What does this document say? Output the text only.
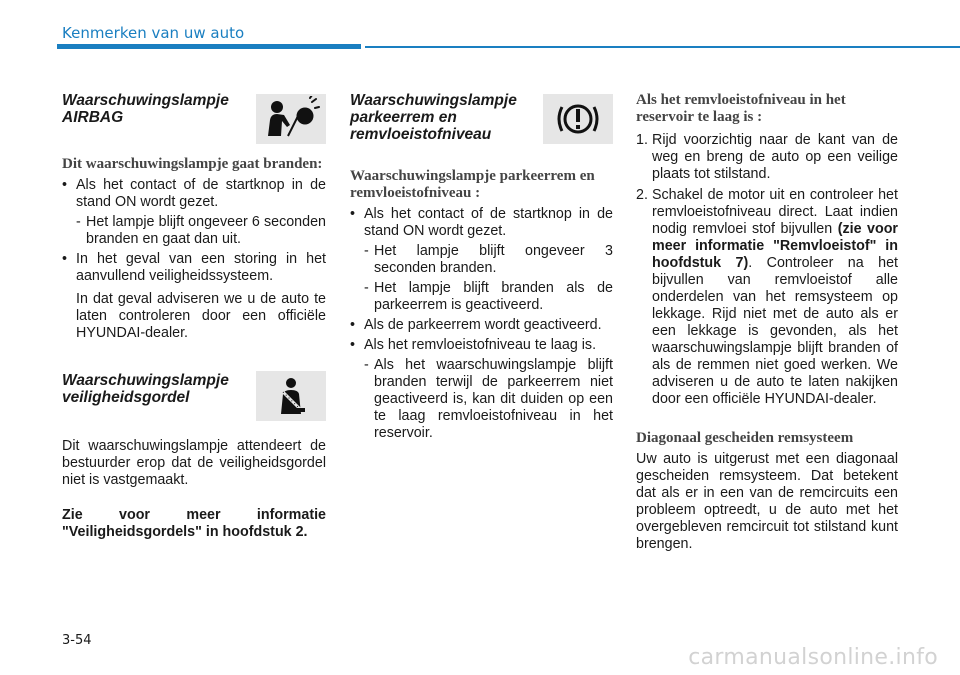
Kenmerken van uw auto
Waarschuwingslampje AIRBAG

Dit waarschuwingslampje gaat branden:

• Als het contact of de startknop in de stand ON wordt gezet.

- Het lampje blijft ongeveer 6 seconden branden en gaat dan uit.

• In het geval van een storing in het aanvullend veiligheidssysteem.

In dat geval adviseren we u de auto te laten controleren door een officiële HYUNDAI-dealer.

Waarschuwingslampje veiligheidsgordel

Dit waarschuwingslampje attendeert de bestuurder erop dat de veiligheidsgordel niet is vastgemaakt.

Zie voor meer informatie "Veiligheidsgordels" in hoofdstuk 2.

Waarschuwingslampje parkeerrem en remvloeistofniveau

Waarschuwingslampje parkeerrem en remvloeistofniveau :

• Als het contact of de startknop in de stand ON wordt gezet.

- Het lampje blijft ongeveer 3 seconden branden.

- Het lampje blijft branden als de parkeerrem is geactiveerd.

• Als de parkeerrem wordt geactiveerd.

• Als het remvloeistofniveau te laag is.

- Als het waarschuwingslampje blijft branden terwijl de parkeerrem niet geactiveerd is, kan dit duiden op een te laag remvloeistofniveau in het reservoir.

Als het remvloeistofniveau in het reservoir te laag is :

1. Rijd voorzichtig naar de kant van de weg en breng de auto op een veilige plaats tot stilstand.

2. Schakel de motor uit en controleer het remvloeistofniveau direct. Laat indien nodig remvloei stof bijvullen (zie voor meer informatie "Remvloeistof" in hoofdstuk 7). Controleer na het bijvullen van remvloeistof alle onderdelen van het remsysteem op lekkage. Rijd niet met de auto als er een lekkage is gevonden, als het waarschuwingslampje blijft branden of als de remmen niet goed werken. We adviseren u de auto te laten nakijken door een officiële HYUNDAI-dealer.

Diagonaal gescheiden remsysteem

Uw auto is uitgerust met een diagonaal gescheiden remsysteem. Dat betekent dat als er in een van de remcircuits een probleem optreedt, u de auto met het overgebleven remcircuit tot stilstand kunt brengen.

3-54
carmanualsonline.info
